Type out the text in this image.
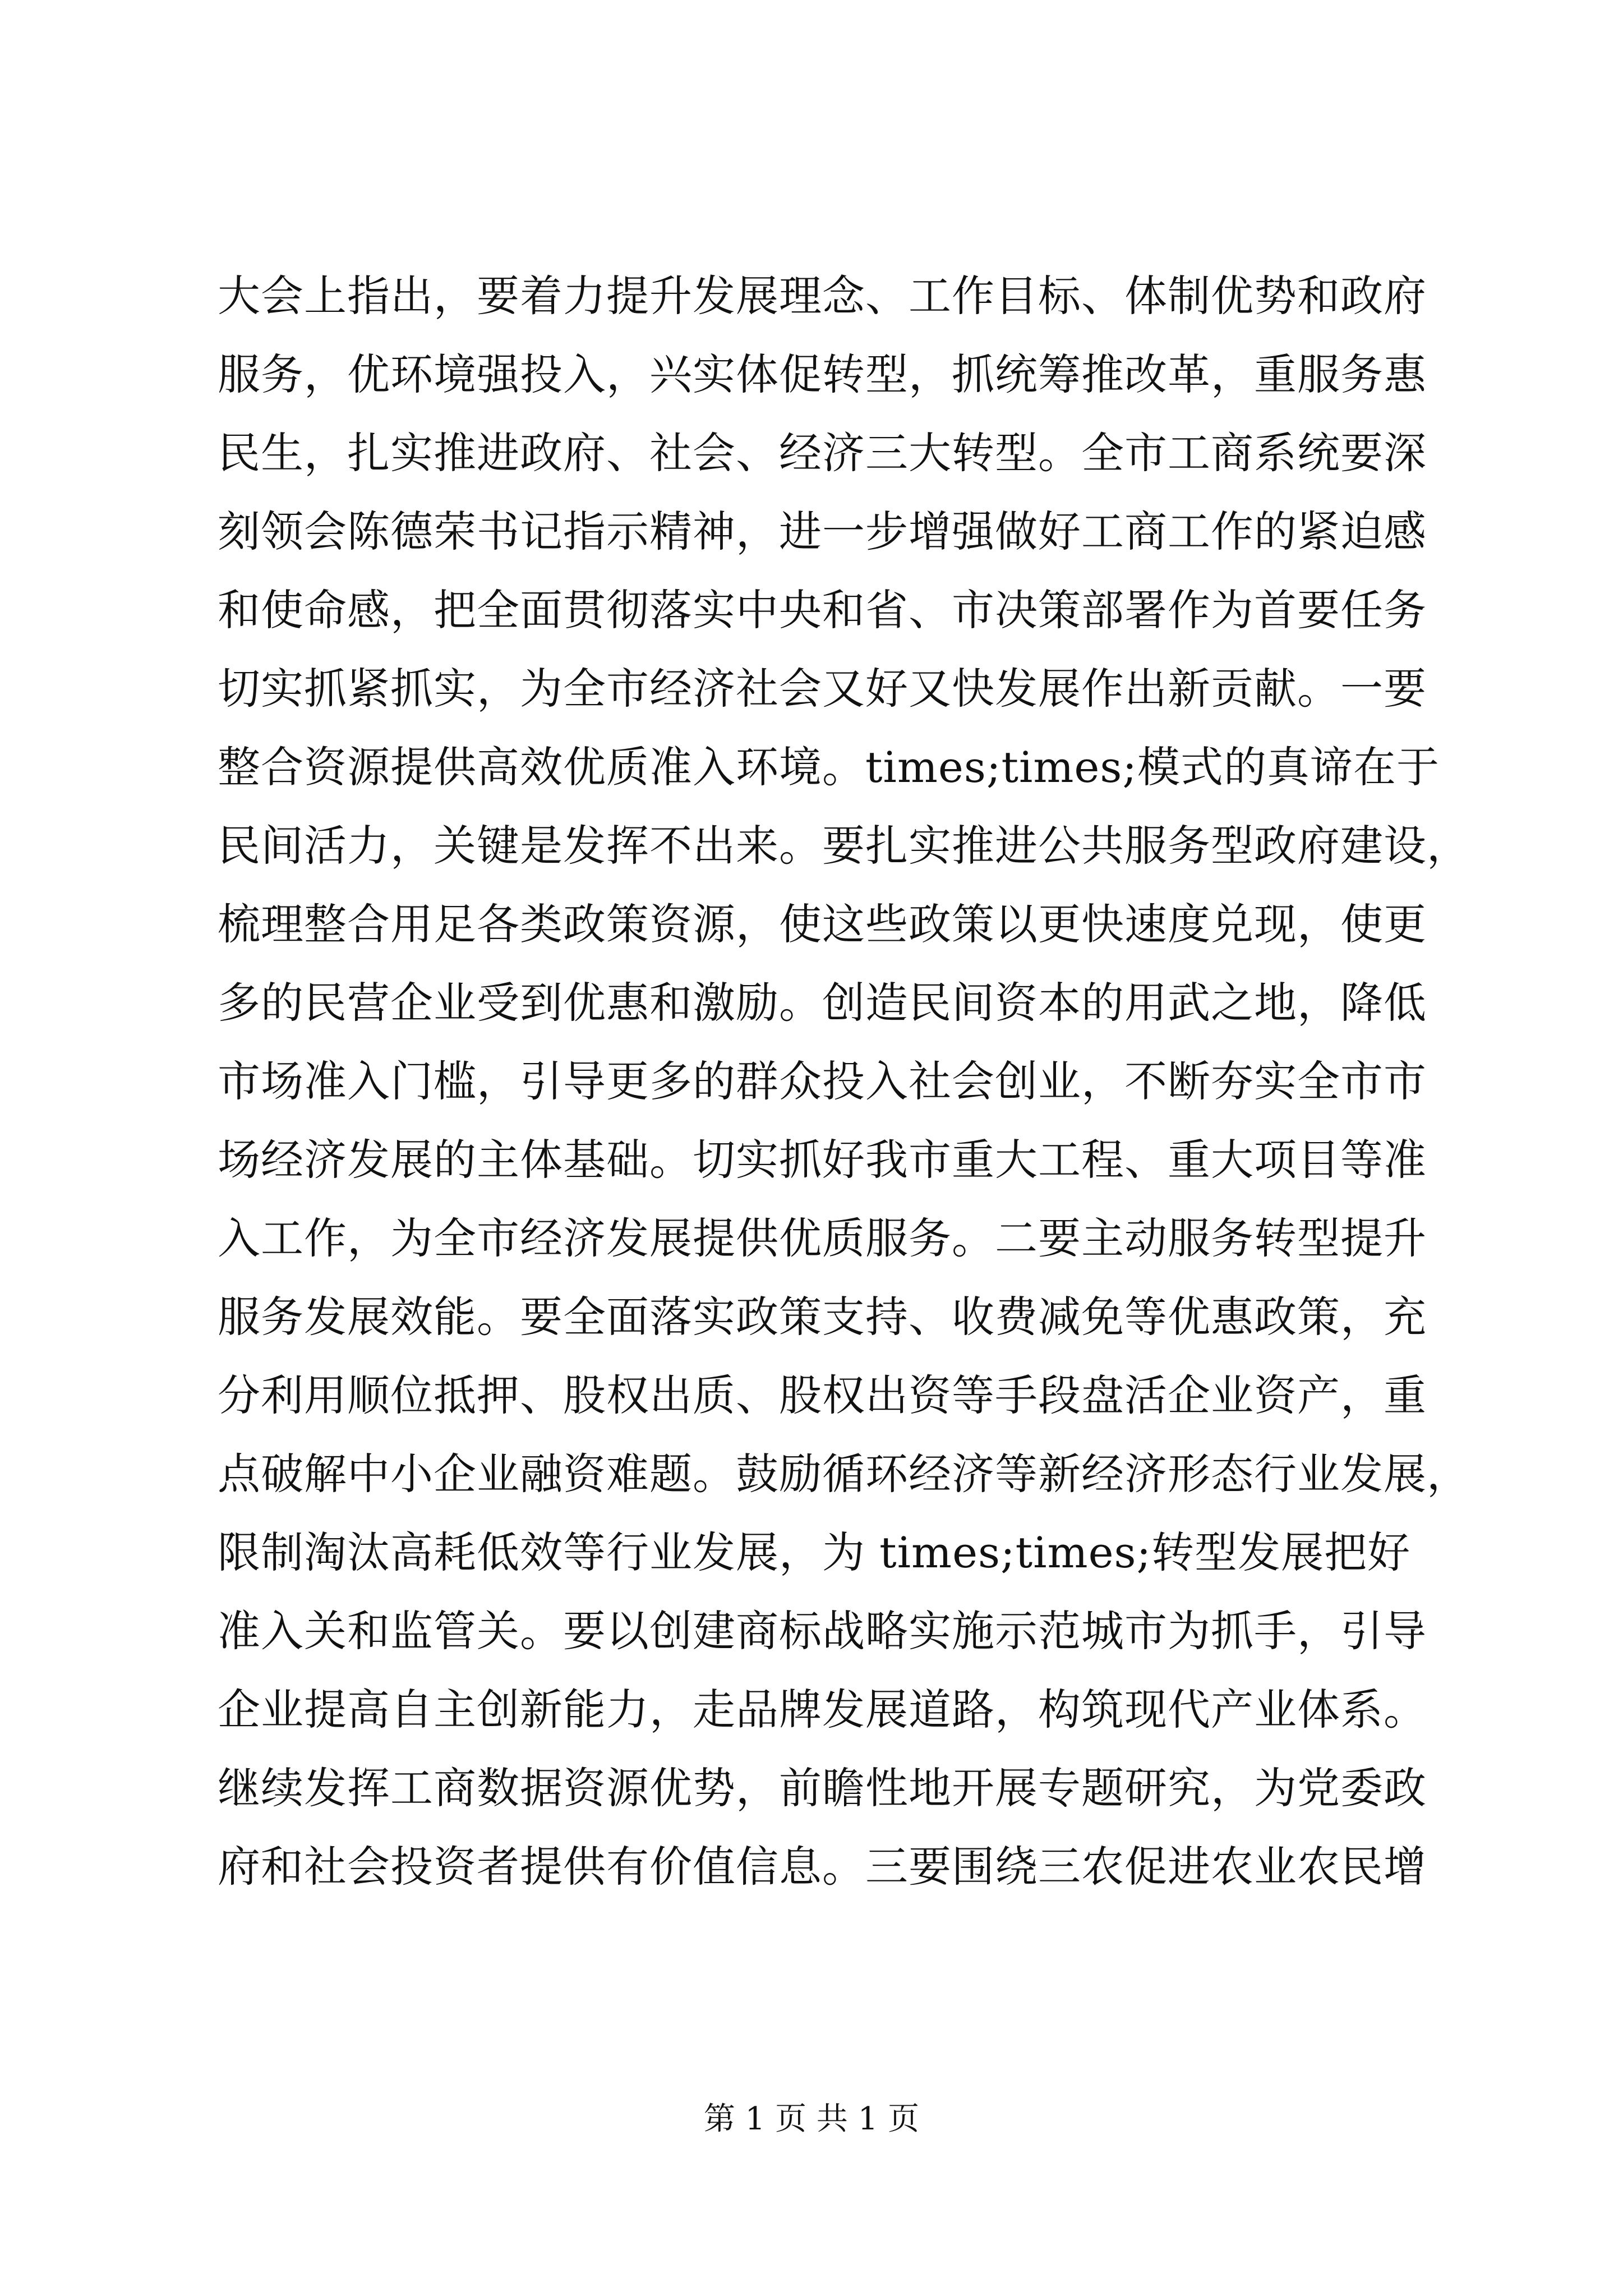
大会上指出，要着力提升发展理念、工作目标、体制优势和政府
服务，优环境强投入，兴实体促转型，抓统筹推改革，重服务惠
民生，扎实推进政府、社会、经济三大转型。全市工商系统要深
刻领会陈德荣书记指示精神，进一步增强做好工商工作的紧迫感
和使命感，把全面贯彻落实中央和省、市决策部署作为首要任务
切实抓紧抓实，为全市经济社会又好又快发展作出新贡献。一要
整合资源提供高效优质准入环境。times;times;模式的真谛在于
民间活力，关键是发挥不出来。要扎实推进公共服务型政府建设，
梳理整合用足各类政策资源，使这些政策以更快速度兑现，使更
多的民营企业受到优惠和激励。创造民间资本的用武之地，降低
市场准入门槛，引导更多的群众投入社会创业，不断夯实全市市
场经济发展的主体基础。切实抓好我市重大工程、重大项目等准
入工作，为全市经济发展提供优质服务。二要主动服务转型提升
服务发展效能。要全面落实政策支持、收费减免等优惠政策，充
分利用顺位抵押、股权出质、股权出资等手段盘活企业资产，重
点破解中小企业融资难题。鼓励循环经济等新经济形态行业发展，
限制淘汰高耗低效等行业发展，为 times;times;转型发展把好
准入关和监管关。要以创建商标战略实施示范城市为抓手，引导
企业提高自主创新能力，走品牌发展道路，构筑现代产业体系。
继续发挥工商数据资源优势，前瞻性地开展专题研究，为党委政
府和社会投资者提供有价值信息。三要围绕三农促进农业农民增
第 1 页 共 1 页
